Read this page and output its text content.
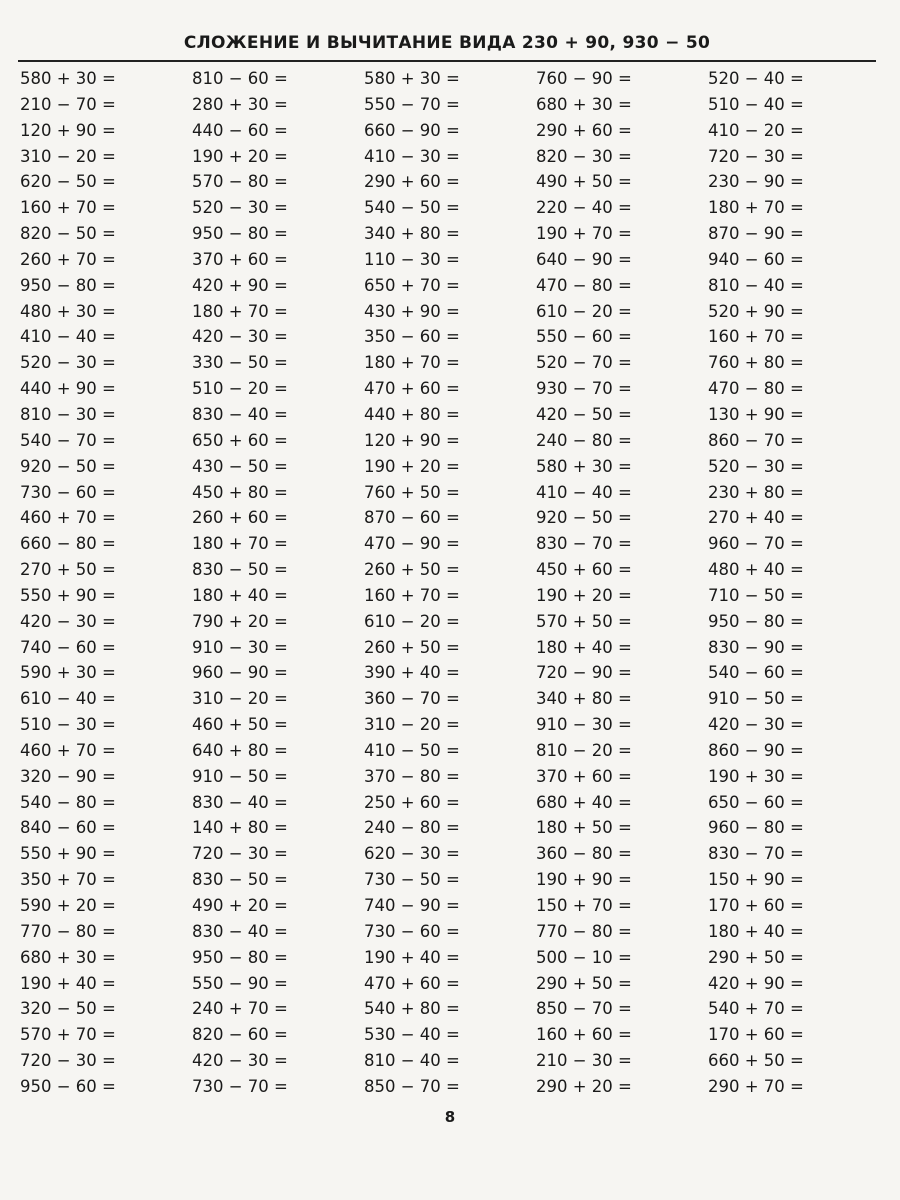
СЛОЖЕНИЕ И ВЫЧИТАНИЕ ВИДА 230 + 90, 930 − 50
580 + 30 =
210 − 70 =
120 + 90 =
310 − 20 =
620 − 50 =
160 + 70 =
820 − 50 =
260 + 70 =
950 − 80 =
480 + 30 =
410 − 40 =
520 − 30 =
440 + 90 =
810 − 30 =
540 − 70 =
920 − 50 =
730 − 60 =
460 + 70 =
660 − 80 =
270 + 50 =
550 + 90 =
420 − 30 =
740 − 60 =
590 + 30 =
610 − 40 =
510 − 30 =
460 + 70 =
320 − 90 =
540 − 80 =
840 − 60 =
550 + 90 =
350 + 70 =
590 + 20 =
770 − 80 =
680 + 30 =
190 + 40 =
320 − 50 =
570 + 70 =
720 − 30 =
950 − 60 =
810 − 60 =
280 + 30 =
440 − 60 =
190 + 20 =
570 − 80 =
520 − 30 =
950 − 80 =
370 + 60 =
420 + 90 =
180 + 70 =
420 − 30 =
330 − 50 =
510 − 20 =
830 − 40 =
650 + 60 =
430 − 50 =
450 + 80 =
260 + 60 =
180 + 70 =
830 − 50 =
180 + 40 =
790 + 20 =
910 − 30 =
960 − 90 =
310 − 20 =
460 + 50 =
640 + 80 =
910 − 50 =
830 − 40 =
140 + 80 =
720 − 30 =
830 − 50 =
490 + 20 =
830 − 40 =
950 − 80 =
550 − 90 =
240 + 70 =
820 − 60 =
420 − 30 =
730 − 70 =
580 + 30 =
550 − 70 =
660 − 90 =
410 − 30 =
290 + 60 =
540 − 50 =
340 + 80 =
110 − 30 =
650 + 70 =
430 + 90 =
350 − 60 =
180 + 70 =
470 + 60 =
440 + 80 =
120 + 90 =
190 + 20 =
760 + 50 =
870 − 60 =
470 − 90 =
260 + 50 =
160 + 70 =
610 − 20 =
260 + 50 =
390 + 40 =
360 − 70 =
310 − 20 =
410 − 50 =
370 − 80 =
250 + 60 =
240 − 80 =
620 − 30 =
730 − 50 =
740 − 90 =
730 − 60 =
190 + 40 =
470 + 60 =
540 + 80 =
530 − 40 =
810 − 40 =
850 − 70 =
760 − 90 =
680 + 30 =
290 + 60 =
820 − 30 =
490 + 50 =
220 − 40 =
190 + 70 =
640 − 90 =
470 − 80 =
610 − 20 =
550 − 60 =
520 − 70 =
930 − 70 =
420 − 50 =
240 − 80 =
580 + 30 =
410 − 40 =
920 − 50 =
830 − 70 =
450 + 60 =
190 + 20 =
570 + 50 =
180 + 40 =
720 − 90 =
340 + 80 =
910 − 30 =
810 − 20 =
370 + 60 =
680 + 40 =
180 + 50 =
360 − 80 =
190 + 90 =
150 + 70 =
770 − 80 =
500 − 10 =
290 + 50 =
850 − 70 =
160 + 60 =
210 − 30 =
290 + 20 =
520 − 40 =
510 − 40 =
410 − 20 =
720 − 30 =
230 − 90 =
180 + 70 =
870 − 90 =
940 − 60 =
810 − 40 =
520 + 90 =
160 + 70 =
760 + 80 =
470 − 80 =
130 + 90 =
860 − 70 =
520 − 30 =
230 + 80 =
270 + 40 =
960 − 70 =
480 + 40 =
710 − 50 =
950 − 80 =
830 − 90 =
540 − 60 =
910 − 50 =
420 − 30 =
860 − 90 =
190 + 30 =
650 − 60 =
960 − 80 =
830 − 70 =
150 + 90 =
170 + 60 =
180 + 40 =
290 + 50 =
420 + 90 =
540 + 70 =
170 + 60 =
660 + 50 =
290 + 70 =
8
